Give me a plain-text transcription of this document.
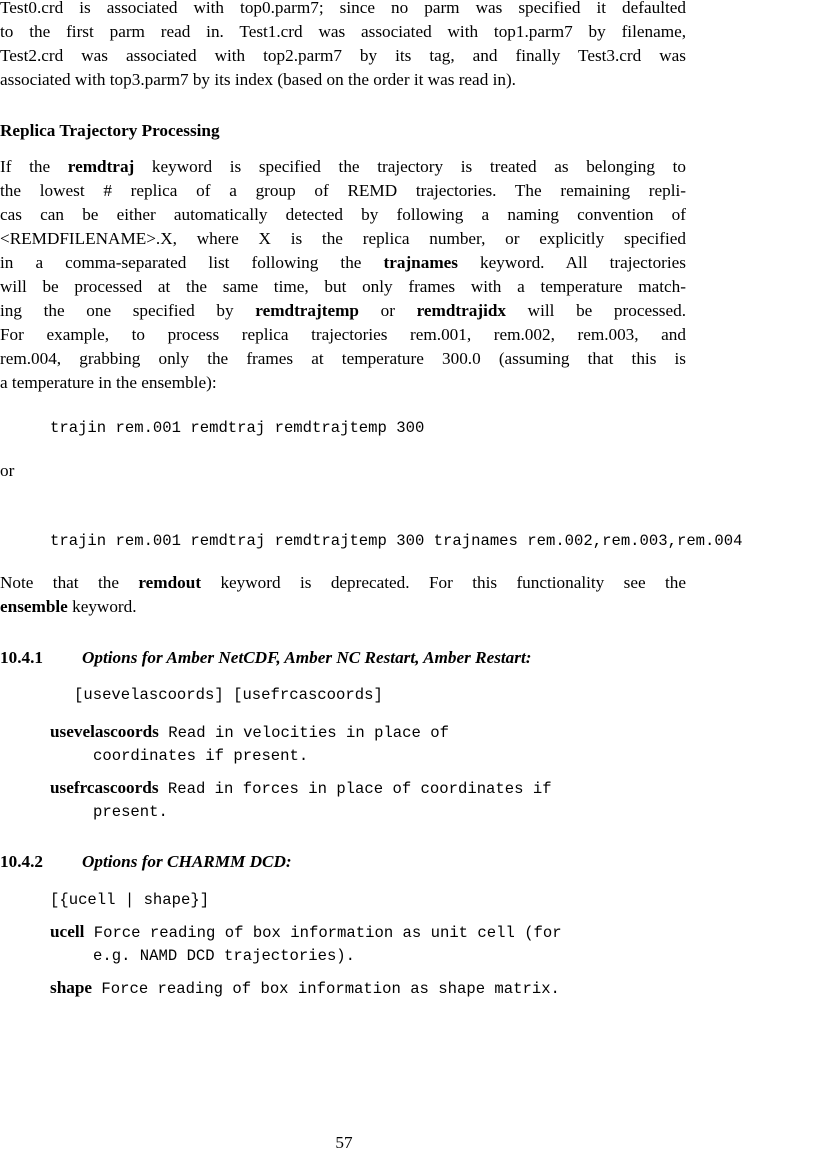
Test0.crd is associated with top0.parm7; since no parm was specified it defaulted
to the first parm read in. Test1.crd was associated with top1.parm7 by filename,
Test2.crd was associated with top2.parm7 by its tag, and finally Test3.crd was
associated with top3.parm7 by its index (based on the order it was read in).
Replica Trajectory Processing
If the remdtraj keyword is specified the trajectory is treated as belonging to
the lowest # replica of a group of REMD trajectories. The remaining repli-
cas can be either automatically detected by following a naming convention of
<REMDFILENAME>.X, where X is the replica number, or explicitly specified
in a comma-separated list following the trajnames keyword. All trajectories
will be processed at the same time, but only frames with a temperature match-
ing the one specified by remdtrajtemp or remdtrajidx will be processed.
For example, to process replica trajectories rem.001, rem.002, rem.003, and
rem.004, grabbing only the frames at temperature 300.0 (assuming that this is
a temperature in the ensemble):
trajin rem.001 remdtraj remdtrajtemp 300
or
trajin rem.001 remdtraj remdtrajtemp 300 trajnames rem.002,rem.003,rem.004
Note that the remdout keyword is deprecated. For this functionality see the
ensemble keyword.
10.4.1 Options for Amber NetCDF, Amber NC Restart, Amber Restart:
[usevelascoords] [usefrcascoords]
usevelascoords Read in velocities in place of
coordinates if present.
usefrcascoords Read in forces in place of coordinates if
present.
10.4.2 Options for CHARMM DCD:
[{ucell | shape}]
ucell Force reading of box information as unit cell (for
e.g. NAMD DCD trajectories).
shape Force reading of box information as shape matrix.
57
